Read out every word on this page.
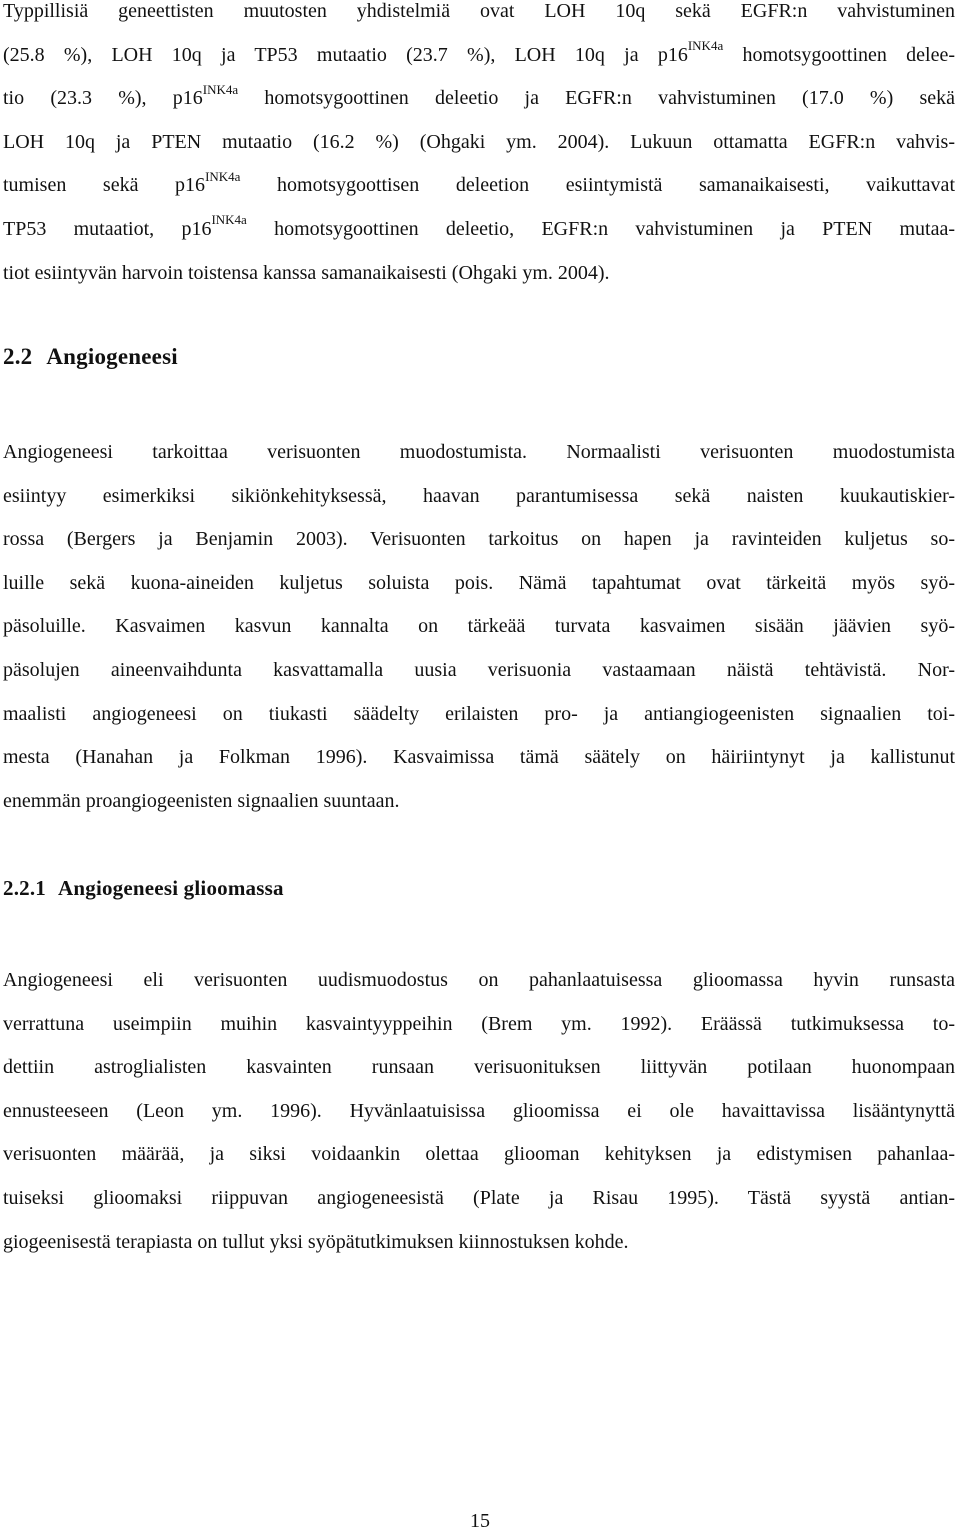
Typpillisiä geneettisten muutosten yhdistelmiä ovat LOH 10q sekä EGFR:n vahvistuminen
(25.8 %), LOH 10q ja TP53 mutaatio (23.7 %), LOH 10q ja $p16^{INK4a}$ homotsygoottinen delee-
tio (23.3 %), $p16^{INK4a}$ homotsygoottinen deleetio ja EGFR:n vahvistuminen (17.0 %) sekä
LOH 10q ja PTEN mutaatio (16.2 %) (Ohgaki ym. 2004). Lukuun ottamatta EGFR:n vahvis-
tumisen sekä $p16^{INK4a}$ homotsygoottisen deleetion esiintymistä samanaikaisesti, vaikuttavat
TP53 mutaatiot, $p16^{INK4a}$ homotsygoottinen deleetio, EGFR:n vahvistuminen ja PTEN mutaa-
tiot esiintyvän harvoin toistensa kanssa samanaikaisesti (Ohgaki ym. 2004).

2.2 Angiogeneesi

Angiogeneesi tarkoittaa verisuonten muodostumista. Normaalisti verisuonten muodostumista
esiintyy esimerkiksi sikiönkehityksessä, haavan parantumisessa sekä naisten kuukautiskier-
rossa (Bergers ja Benjamin 2003). Verisuonten tarkoitus on hapen ja ravinteiden kuljetus so-
luille sekä kuona-aineiden kuljetus soluista pois. Nämä tapahtumat ovat tärkeitä myös syö-
päsoluille. Kasvaimen kasvun kannalta on tärkeää turvata kasvaimen sisään jäävien syö-
päsolujen aineenvaihdunta kasvattamalla uusia verisuonia vastaamaan näistä tehtävistä. Nor-
maalisti angiogeneesi on tiukasti säädelty erilaisten pro- ja antiangiogeenisten signaalien toi-
mesta (Hanahan ja Folkman 1996). Kasvaimissa tämä säätely on häiriintynyt ja kallistunut
enemmän proangiogeenisten signaalien suuntaan.

2.2.1 Angiogeneesi glioomassa

Angiogeneesi eli verisuonten uudismuodostus on pahanlaatuisessa glioomassa hyvin runsasta
verrattuna useimpiin muihin kasvaintyyppeihin (Brem ym. 1992). Eräässä tutkimuksessa to-
dettiin astroglialisten kasvainten runsaan verisuonituksen liittyvän potilaan huonompaan
ennusteeseen (Leon ym. 1996). Hyvänlaatuisissa glioomissa ei ole havaittavissa lisääntynyttä
verisuonten määrää, ja siksi voidaankin olettaa gliooman kehityksen ja edistymisen pahanlaa-
tuiseksi glioomaksi riippuvan angiogeneesistä (Plate ja Risau 1995). Tästä syystä antian-
giogeenisestä terapiasta on tullut yksi syöpätutkimuksen kiinnostuksen kohde.

15
